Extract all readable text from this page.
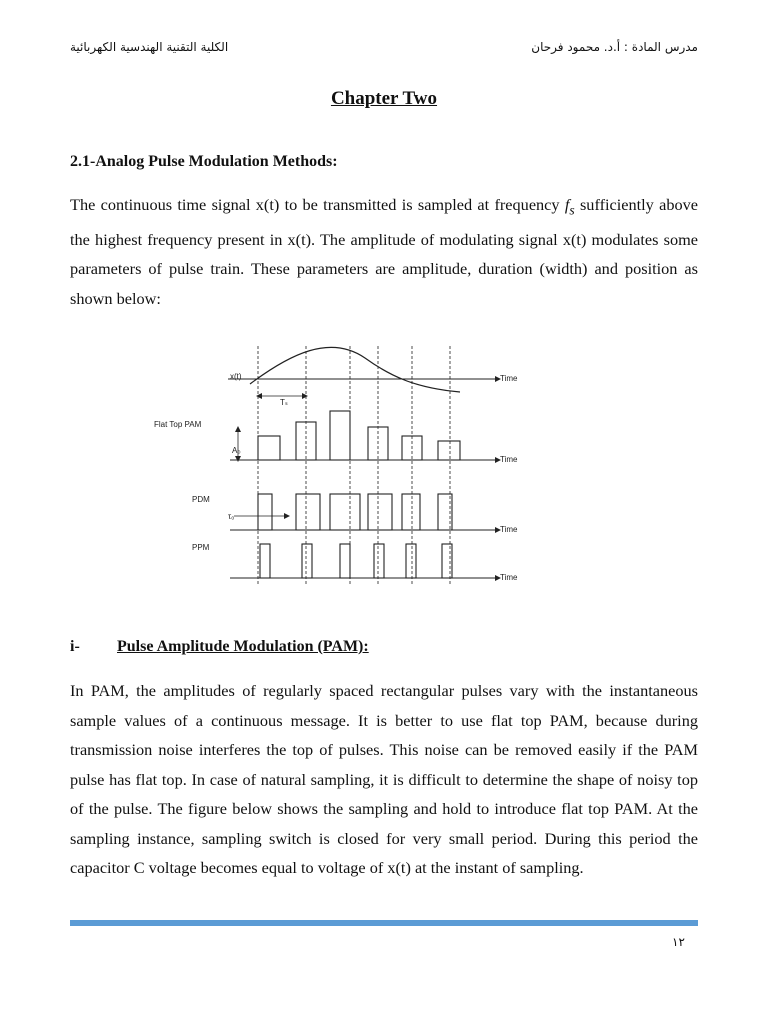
الكلية التقنية الهندسية الكهربائية	مدرس المادة : أ.د. محمود فرحان
Chapter Two
2.1-Analog Pulse Modulation Methods:

The continuous time signal x(t) to be transmitted is sampled at frequency $f_s$ sufficiently above the highest frequency present in x(t). The amplitude of modulating signal x(t) modulates some parameters of pulse train. These parameters are amplitude, duration (width) and position as shown below:

x(t)	Time
Tₛ
Flat Top PAM
A₀
Time
PDM
τ₀
Time
PPM
Time
i- Pulse Amplitude Modulation (PAM):

In PAM, the amplitudes of regularly spaced rectangular pulses vary with the instantaneous sample values of a continuous message. It is better to use flat top PAM, because during transmission noise interferes the top of pulses. This noise can be removed easily if the PAM pulse has flat top. In case of natural sampling, it is difficult to determine the shape of noisy top of the pulse. The figure below shows the sampling and hold to introduce flat top PAM. At the sampling instance, sampling switch is closed for very small period. During this period the capacitor C voltage becomes equal to voltage of x(t) at the instant of sampling.

١٢
